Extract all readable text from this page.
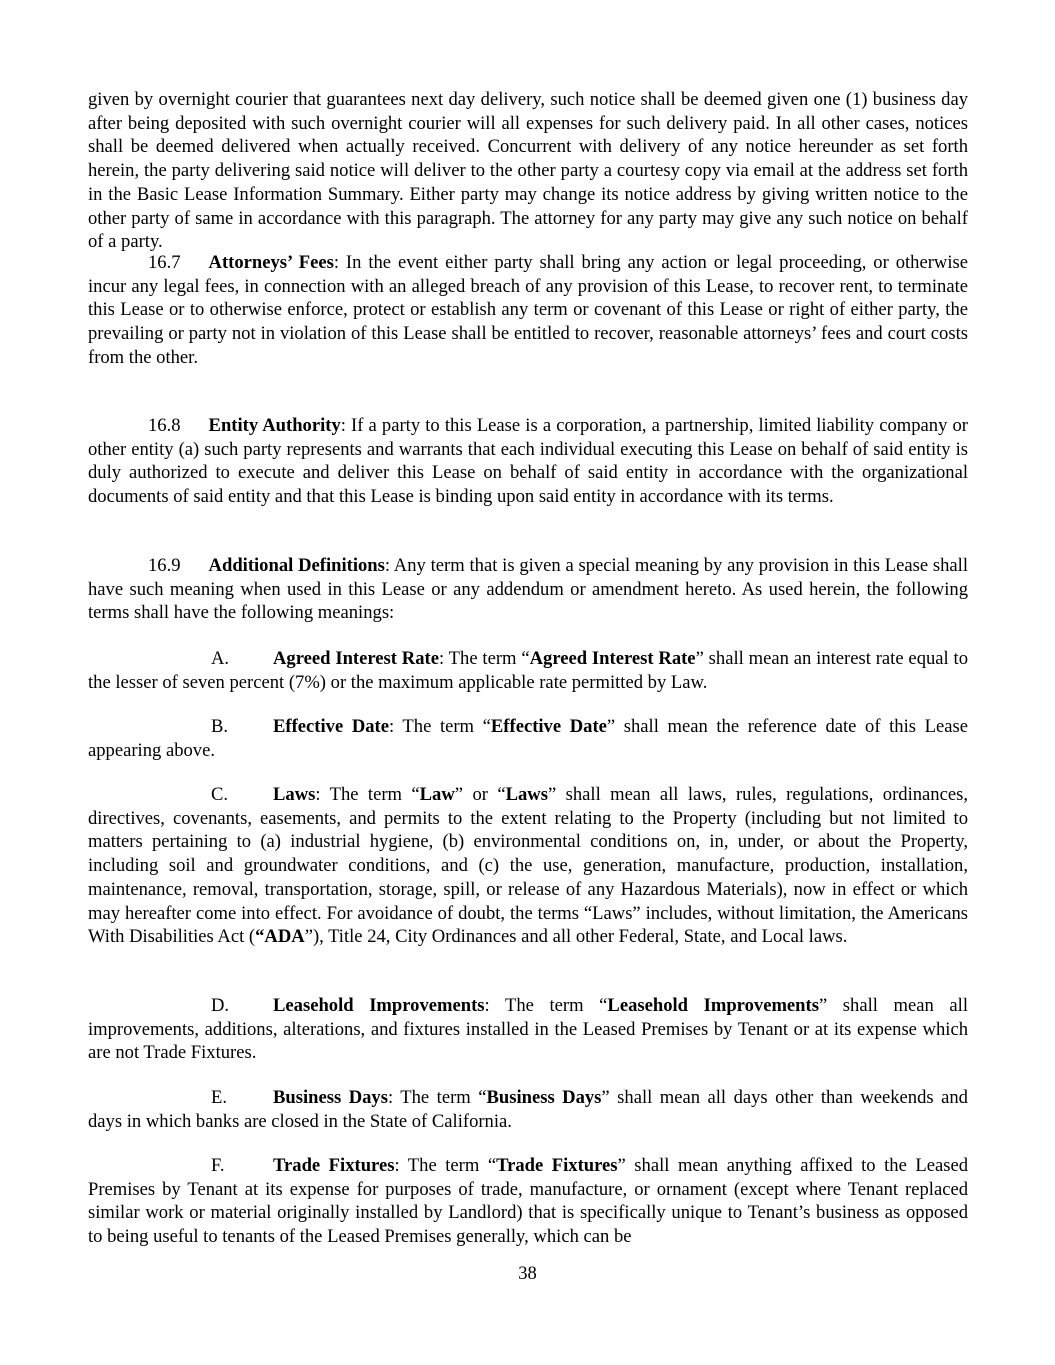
given by overnight courier that guarantees next day delivery, such notice shall be deemed given one (1) business day after being deposited with such overnight courier will all expenses for such delivery paid. In all other cases, notices shall be deemed delivered when actually received. Concurrent with delivery of any notice hereunder as set forth herein, the party delivering said notice will deliver to the other party a courtesy copy via email at the address set forth in the Basic Lease Information Summary. Either party may change its notice address by giving written notice to the other party of same in accordance with this paragraph. The attorney for any party may give any such notice on behalf of a party.

16.7 Attorneys’ Fees: In the event either party shall bring any action or legal proceeding, or otherwise incur any legal fees, in connection with an alleged breach of any provision of this Lease, to recover rent, to terminate this Lease or to otherwise enforce, protect or establish any term or covenant of this Lease or right of either party, the prevailing or party not in violation of this Lease shall be entitled to recover, reasonable attorneys’ fees and court costs from the other.

16.8 Entity Authority: If a party to this Lease is a corporation, a partnership, limited liability company or other entity (a) such party represents and warrants that each individual executing this Lease on behalf of said entity is duly authorized to execute and deliver this Lease on behalf of said entity in accordance with the organizational documents of said entity and that this Lease is binding upon said entity in accordance with its terms.

16.9 Additional Definitions: Any term that is given a special meaning by any provision in this Lease shall have such meaning when used in this Lease or any addendum or amendment hereto. As used herein, the following terms shall have the following meanings:

A. Agreed Interest Rate: The term “Agreed Interest Rate” shall mean an interest rate equal to the lesser of seven percent (7%) or the maximum applicable rate permitted by Law.

B. Effective Date: The term “Effective Date” shall mean the reference date of this Lease appearing above.

C. Laws: The term “Law” or “Laws” shall mean all laws, rules, regulations, ordinances, directives, covenants, easements, and permits to the extent relating to the Property (including but not limited to matters pertaining to (a) industrial hygiene, (b) environmental conditions on, in, under, or about the Property, including soil and groundwater conditions, and (c) the use, generation, manufacture, production, installation, maintenance, removal, transportation, storage, spill, or release of any Hazardous Materials), now in effect or which may hereafter come into effect. For avoidance of doubt, the terms “Laws” includes, without limitation, the Americans With Disabilities Act (“ADA”), Title 24, City Ordinances and all other Federal, State, and Local laws.

D. Leasehold Improvements: The term “Leasehold Improvements” shall mean all improvements, additions, alterations, and fixtures installed in the Leased Premises by Tenant or at its expense which are not Trade Fixtures.

E. Business Days: The term “Business Days” shall mean all days other than weekends and days in which banks are closed in the State of California.

F.	Trade Fixtures: The term “Trade Fixtures” shall mean anything affixed to the Leased Premises by Tenant at its expense for purposes of trade, manufacture, or ornament (except where Tenant replaced similar work or material originally installed by Landlord) that is specifically unique to Tenant’s business as opposed to being useful to tenants of the Leased Premises generally, which can be

38
